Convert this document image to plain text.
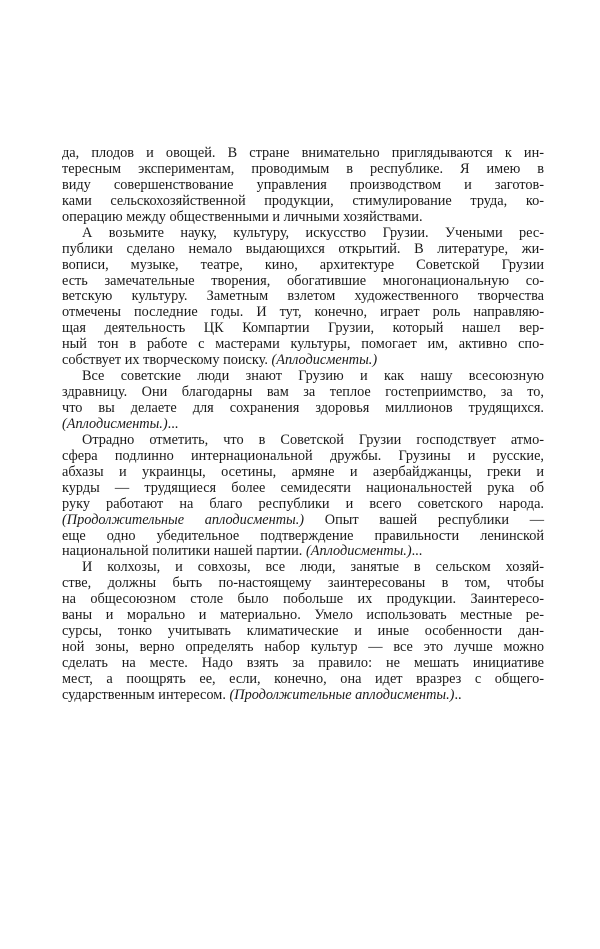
да, плодов и овощей. В стране внимательно приглядываются к ин-
тересным экспериментам, проводимым в республике. Я имею в
виду совершенствование управления производством и заготов-
ками сельскохозяйственной продукции, стимулирование труда, ко-
операцию между общественными и личными хозяйствами.
А возьмите науку, культуру, искусство Грузии. Учеными рес-
публики сделано немало выдающихся открытий. В литературе, жи-
вописи, музыке, театре, кино, архитектуре Советской Грузии
есть замечательные творения, обогатившие многонациональную со-
ветскую культуру. Заметным взлетом художественного творчества
отмечены последние годы. И тут, конечно, играет роль направляю-
щая деятельность ЦК Компартии Грузии, который нашел вер-
ный тон в работе с мастерами культуры, помогает им, активно спо-
собствует их творческому поиску. (Аплодисменты.)
Все советские люди знают Грузию и как нашу всесоюзную
здравницу. Они благодарны вам за теплое гостеприимство, за то,
что вы делаете для сохранения здоровья миллионов трудящихся.
(Аплодисменты.)...
Отрадно отметить, что в Советской Грузии господствует атмо-
сфера подлинно интернациональной дружбы. Грузины и русские,
абхазы и украинцы, осетины, армяне и азербайджанцы, греки и
курды — трудящиеся более семидесяти национальностей рука об
руку работают на благо республики и всего советского народа.
(Продолжительные аплодисменты.) Опыт вашей республики —
еще одно убедительное подтверждение правильности ленинской
национальной политики нашей партии. (Аплодисменты.)...
И колхозы, и совхозы, все люди, занятые в сельском хозяй-
стве, должны быть по-настоящему заинтересованы в том, чтобы
на общесоюзном столе было побольше их продукции. Заинтересо-
ваны и морально и материально. Умело использовать местные ре-
сурсы, тонко учитывать климатические и иные особенности дан-
ной зоны, верно определять набор культур — все это лучше можно
сделать на месте. Надо взять за правило: не мешать инициативе
мест, а поощрять ее, если, конечно, она идет вразрез с общего-
сударственным интересом. (Продолжительные аплодисменты.)..
